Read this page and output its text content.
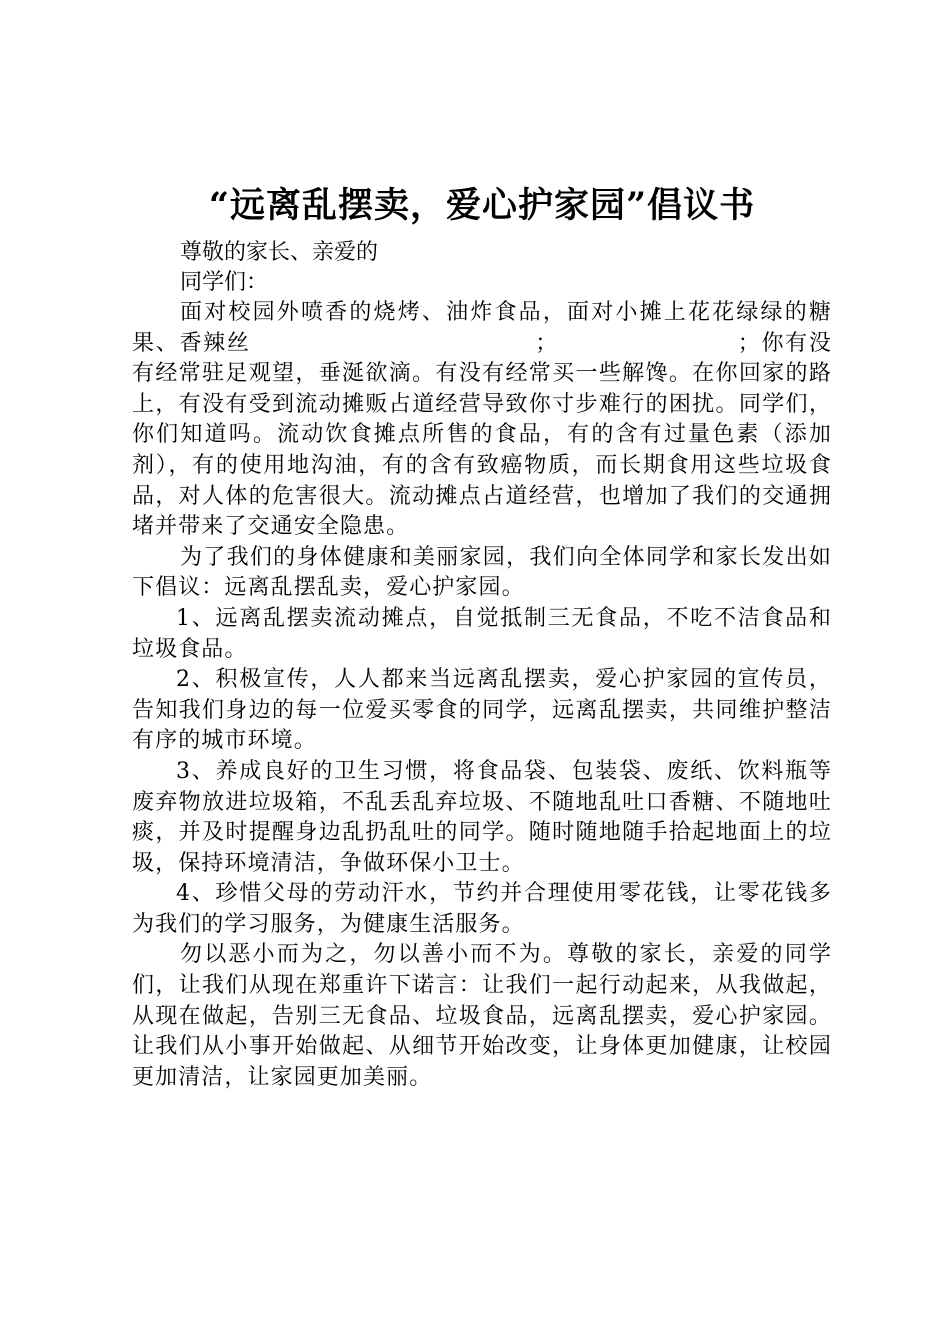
“远离乱摆卖，爱心护家园”倡议书

尊敬的家长、亲爱的

同学们：

面对校园外喷香的烧烤、油炸食品，面对小摊上花花绿绿的糖果、香辣丝　　　　　　　　　　　　；　　　　　　　　；你有没有经常驻足观望，垂涎欲滴。有没有经常买一些解馋。在你回家的路上，有没有受到流动摊贩占道经营导致你寸步难行的困扰。同学们，你们知道吗。流动饮食摊点所售的食品，有的含有过量色素（添加剂），有的使用地沟油，有的含有致癌物质，而长期食用这些垃圾食品，对人体的危害很大。流动摊点占道经营，也增加了我们的交通拥堵并带来了交通安全隐患。

为了我们的身体健康和美丽家园，我们向全体同学和家长发出如下倡议：远离乱摆乱卖，爱心护家园。

1、远离乱摆卖流动摊点，自觉抵制三无食品，不吃不洁食品和垃圾食品。

2、积极宣传，人人都来当远离乱摆卖，爱心护家园的宣传员，告知我们身边的每一位爱买零食的同学，远离乱摆卖，共同维护整洁有序的城市环境。

3、养成良好的卫生习惯，将食品袋、包装袋、废纸、饮料瓶等废弃物放进垃圾箱，不乱丢乱弃垃圾、不随地乱吐口香糖、不随地吐痰，并及时提醒身边乱扔乱吐的同学。随时随地随手拾起地面上的垃圾，保持环境清洁，争做环保小卫士。

4、珍惜父母的劳动汗水，节约并合理使用零花钱，让零花钱多为我们的学习服务，为健康生活服务。

勿以恶小而为之，勿以善小而不为。尊敬的家长，亲爱的同学们，让我们从现在郑重许下诺言：让我们一起行动起来，从我做起，从现在做起，告别三无食品、垃圾食品，远离乱摆卖，爱心护家园。让我们从小事开始做起、从细节开始改变，让身体更加健康，让校园更加清洁，让家园更加美丽。
